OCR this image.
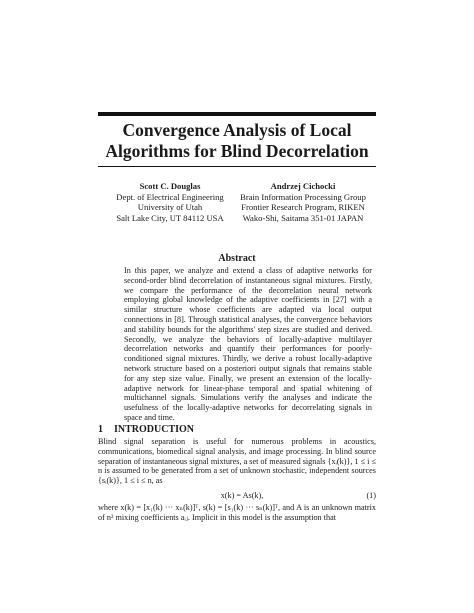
Convergence Analysis of Local
Algorithms for Blind Decorrelation
Scott C. Douglas
Dept. of Electrical Engineering
University of Utah
Salt Lake City, UT 84112 USA
Andrzej Cichocki
Brain Information Processing Group
Frontier Research Program, RIKEN
Wako-Shi, Saitama 351-01 JAPAN
Abstract
In this paper, we analyze and extend a class of adaptive networks for second-order blind decorrelation of instantaneous signal mixtures. Firstly, we compare the performance of the decorrelation neural network employing global knowledge of the adaptive coefficients in [27] with a similar structure whose coefficients are adapted via local output connections in [8]. Through statistical analyses, the convergence behaviors and stability bounds for the algorithms' step sizes are studied and derived. Secondly, we analyze the behaviors of locally-adaptive multilayer decorrelation networks and quantify their performances for poorly-conditioned signal mixtures. Thirdly, we derive a robust locally-adaptive network structure based on a posteriori output signals that remains stable for any step size value. Finally, we present an extension of the locally-adaptive network for linear-phase temporal and spatial whitening of multichannel signals. Simulations verify the analyses and indicate the usefulness of the locally-adaptive networks for decorrelating signals in space and time.
1 INTRODUCTION
Blind signal separation is useful for numerous problems in acoustics, communications, biomedical signal analysis, and image processing. In blind source separation of instantaneous signal mixtures, a set of measured signals {xᵢ(k)}, 1 ≤ i ≤ n is assumed to be generated from a set of unknown stochastic, independent sources {sᵢ(k)}, 1 ≤ i ≤ n, as
x(k) = As(k),	(1)
where x(k) = [x₁(k) ··· xₙ(k)]ᵀ, s(k) = [s₁(k) ··· sₙ(k)]ᵀ, and A is an unknown matrix of n² mixing coefficients aᵢⱼ. Implicit in this model is the assumption that
